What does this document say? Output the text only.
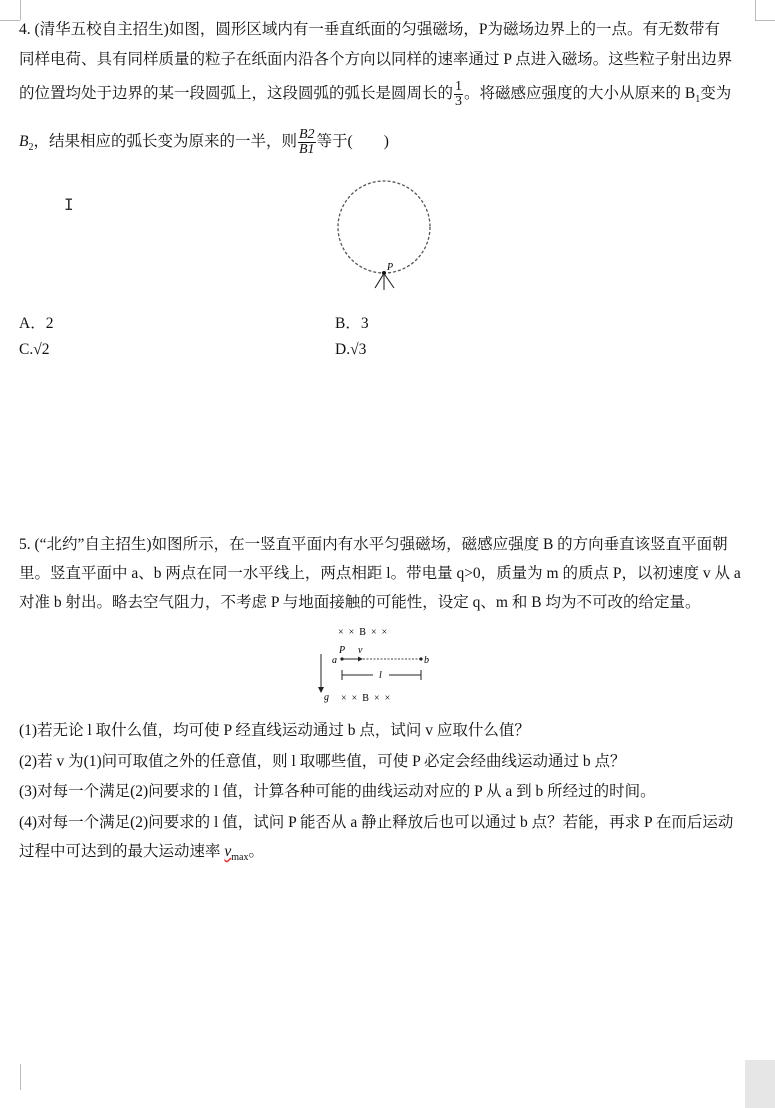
4. (清华五校自主招生)如图，圆形区域内有一垂直纸面的匀强磁场，P为磁场边界上的一点。有无数带有
同样电荷、具有同样质量的粒子在纸面内沿各个方向以同样的速率通过 P 点进入磁场。这些粒子射出边界
的位置均处于边界的某一段圆弧上，这段圆弧的弧长是圆周长的 $\frac{1}{3}$ 。将磁感应强度的大小从原来的 $B_1$变为
$B_2$，结果相应的弧长变为原来的一半，则 $\frac{B2}{B1}$ 等于(　　)
I
P
A．2	B．3
C.√2	D.√3
5. (“北约”自主招生)如图所示，在一竖直平面内有水平匀强磁场，磁感应强度 B 的方向垂直该竖直平面朝
里。竖直平面中 a、b 两点在同一水平线上，两点相距 l。带电量 q>0，质量为 m 的质点 P，以初速度 v 从 a
对准 b 射出。略去空气阻力，不考虑 P 与地面接触的可能性，设定 q、m 和 B 均为不可改的给定量。
×  ×  B  ×  ×
×  ×  B  ×  ×
g
a
P v
b
l
(1)若无论 l 取什么值，均可使 P 经直线运动通过 b 点，试问 v 应取什么值？
(2)若 v 为(1)问可取值之外的任意值，则 l 取哪些值，可使 P 必定会经曲线运动通过 b 点？
(3)对每一个满足(2)问要求的 l 值，计算各种可能的曲线运动对应的 P 从 a 到 b 所经过的时间。
(4)对每一个满足(2)问要求的 l 值，试问 P 能否从 a 静止释放后也可以通过 b 点？若能，再求 P 在而后运动
过程中可达到的最大运动速率 $v_{max}$。
